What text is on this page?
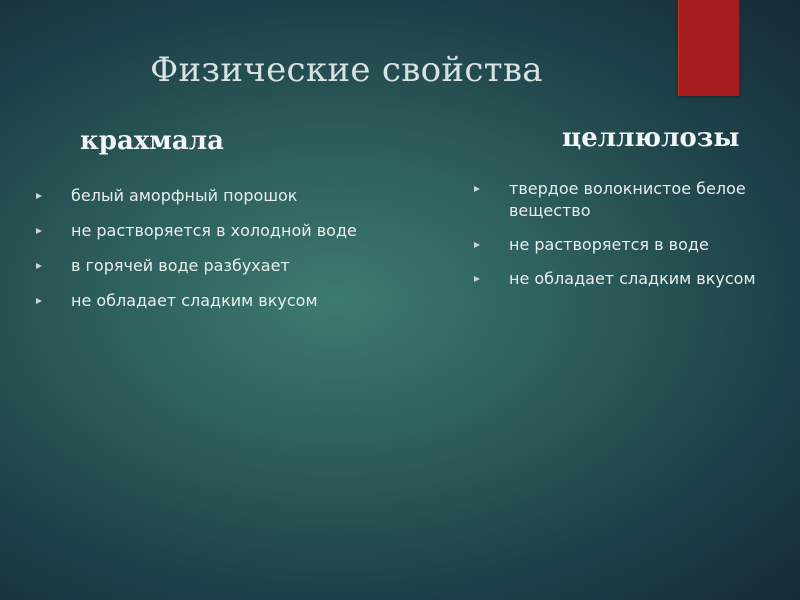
Физические свойства
крахмала	целлюлозы
белый аморфный порошок
не растворяется в холодной воде
в горячей воде разбухает
не обладает сладким вкусом
твердое волокнистое белое вещество
не растворяется в воде
не обладает сладким вкусом
